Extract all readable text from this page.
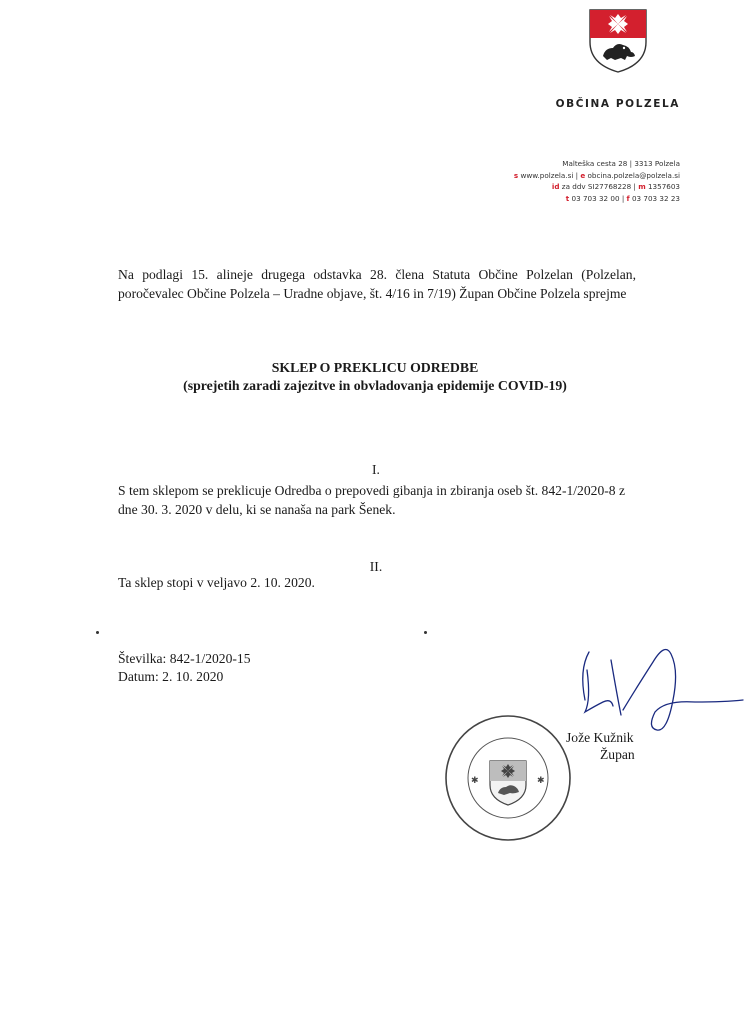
OBČINA POLZELA
Malteška cesta 28 | 3313 Polzela
s www.polzela.si | e obcina.polzela@polzela.si
id za ddv SI27768228 | m 1357603
t 03 703 32 00 | f 03 703 32 23
Na podlagi 15. alineje drugega odstavka 28. člena Statuta Občine Polzelan (Polzelan, poročevalec Občine Polzela – Uradne objave, št. 4/16 in 7/19) Župan Občine Polzela sprejme
SKLEP O PREKLICU ODREDBE
(sprejetih zaradi zajezitve in obvladovanja epidemije COVID-19)
I.
S tem sklepom se preklicuje Odredba o prepovedi gibanja in zbiranja oseb št. 842-1/2020-8 z dne 30. 3. 2020 v delu, ki se nanaša na park Šenek.
II.
Ta sklep stopi v veljavo 2. 10. 2020.
Številka: 842-1/2020-15
Datum: 2. 10. 2020
✱	✱
Jože Kužnik
Župan
